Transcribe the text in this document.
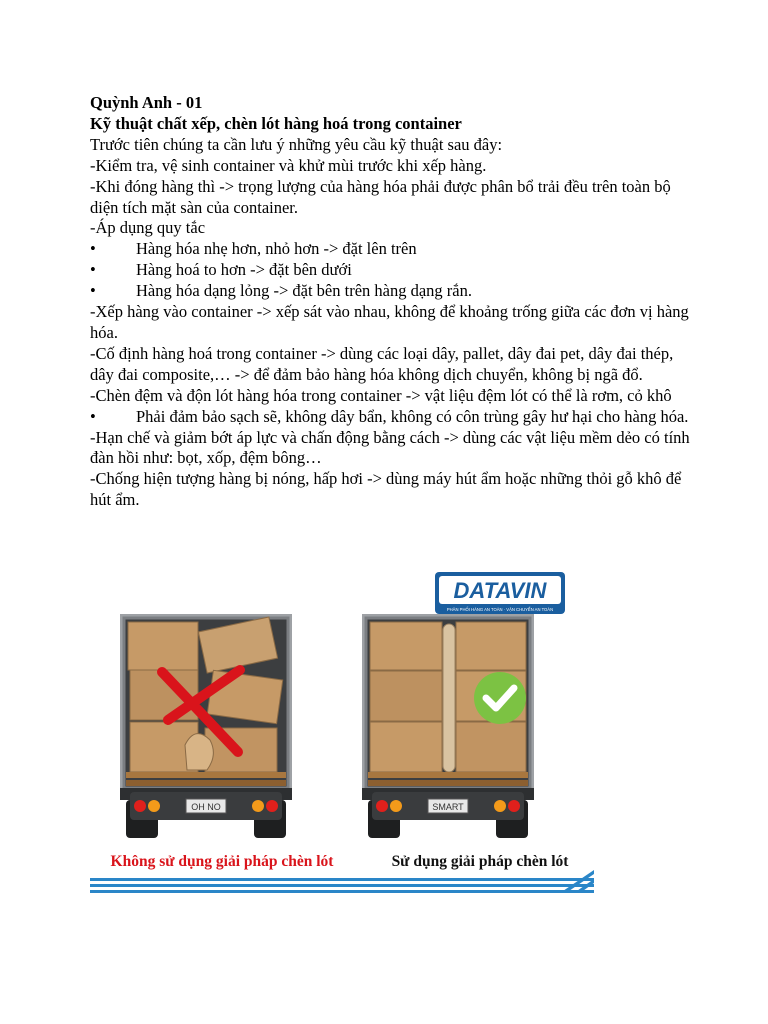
Quỳnh Anh - 01

Kỹ thuật chất xếp, chèn lót hàng hoá trong container

Trước tiên chúng ta cần lưu ý những yêu cầu kỹ thuật sau đây:

-Kiểm tra, vệ sinh container và khử mùi trước khi xếp hàng.

-Khi đóng hàng thì -> trọng lượng của hàng hóa phải được phân bổ trải đều trên toàn bộ diện tích mặt sàn của container.

-Áp dụng quy tắc

•	Hàng hóa nhẹ hơn, nhỏ hơn -> đặt lên trên
•	Hàng hoá to hơn -> đặt bên dưới
•	Hàng hóa dạng lỏng -> đặt bên trên hàng dạng rắn.

-Xếp hàng vào container -> xếp sát vào nhau, không để khoảng trống giữa các đơn vị hàng hóa.

-Cố định hàng hoá trong container -> dùng các loại dây, pallet, dây đai pet, dây đai thép, dây đai composite,… -> để đảm bảo hàng hóa không dịch chuyển, không bị ngã đổ.

-Chèn đệm và độn lót hàng hóa trong container -> vật liệu đệm lót có thể là rơm, cỏ khô

•	Phải đảm bảo sạch sẽ, không dây bẩn, không có côn trùng gây hư hại cho hàng hóa.

-Hạn chế và giảm bớt áp lực và chấn động bằng cách -> dùng các vật liệu mềm dẻo có tính đàn hồi như: bọt, xốp, đệm bông…

-Chống hiện tượng hàng bị nóng, hấp hơi -> dùng máy hút ẩm hoặc những thỏi gỗ khô để hút ẩm.

DATAVIN
PHÂN PHỐI HÀNG AN TOÀN · VẬN CHUYỂN AN TOÀN
OH NO	SMART
Không sử dụng giải pháp chèn lót	Sử dụng giải pháp chèn lót
